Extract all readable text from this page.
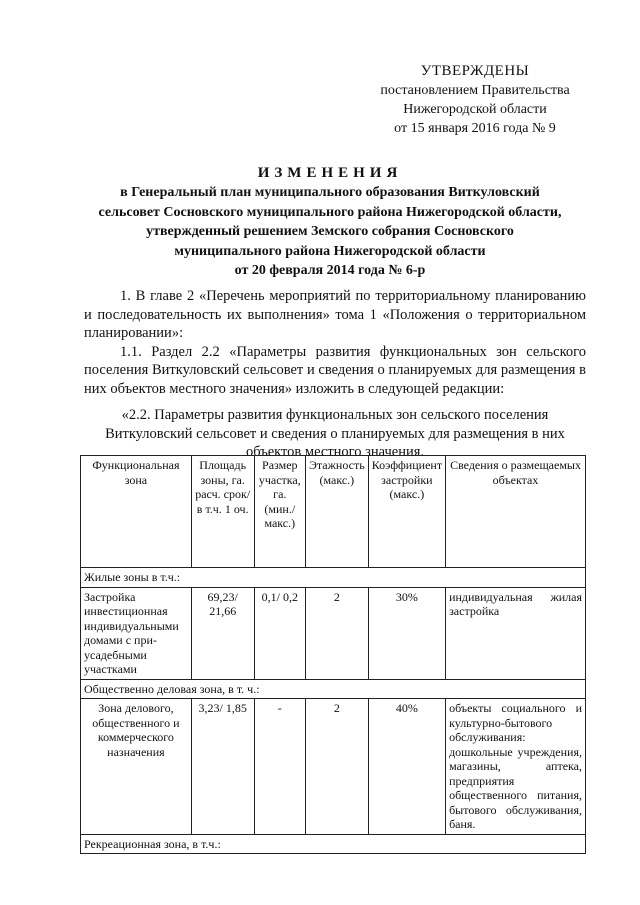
УТВЕРЖДЕНЫ
постановлением Правительства
Нижегородской области
от 15 января 2016 года № 9
ИЗМЕНЕНИЯ
в Генеральный план муниципального образования Виткуловский
сельсовет Сосновского муниципального района Нижегородской области,
утвержденный решением Земского собрания Сосновского
муниципального района Нижегородской области
от 20 февраля 2014 года № 6-р

1. В главе 2 «Перечень мероприятий по территориальному планированию и последовательность их выполнения» тома 1 «Положения о территориальном планировании»:

1.1. Раздел 2.2 «Параметры развития функциональных зон сельского поселения Виткуловский сельсовет и сведения о планируемых для размещения в них объектов местного значения» изложить в следующей редакции:

«2.2. Параметры развития функциональных зон сельского поселения Виткуловский сельсовет и сведения о планируемых для размещения в них объектов местного значения.
Функциональная зона	Площадь зоны, га. расч. срок/в т.ч. 1 оч.	Размер участка, га. (мин./ макс.)	Этажность (макс.)	Коэффициент застройки (макс.)	Сведения о размещаемых объектах
Жилые зоны в т.ч.:					
Застройка инвестиционная индивидуальными домами с при-усадебными участками	69,23/ 21,66	0,1/ 0,2	2	30%	индивидуальная жилая застройка
Общественно деловая зона, в т. ч.:					
Зона делового, общественного и коммерческого назначения	3,23/ 1,85	-	2	40%	объекты социального и культурно-бытового обслуживания: дошкольные учреждения, магазины, аптека, предприятия общественного питания, бытового обслуживания, баня.
Рекреационная зона, в т.ч.:					
